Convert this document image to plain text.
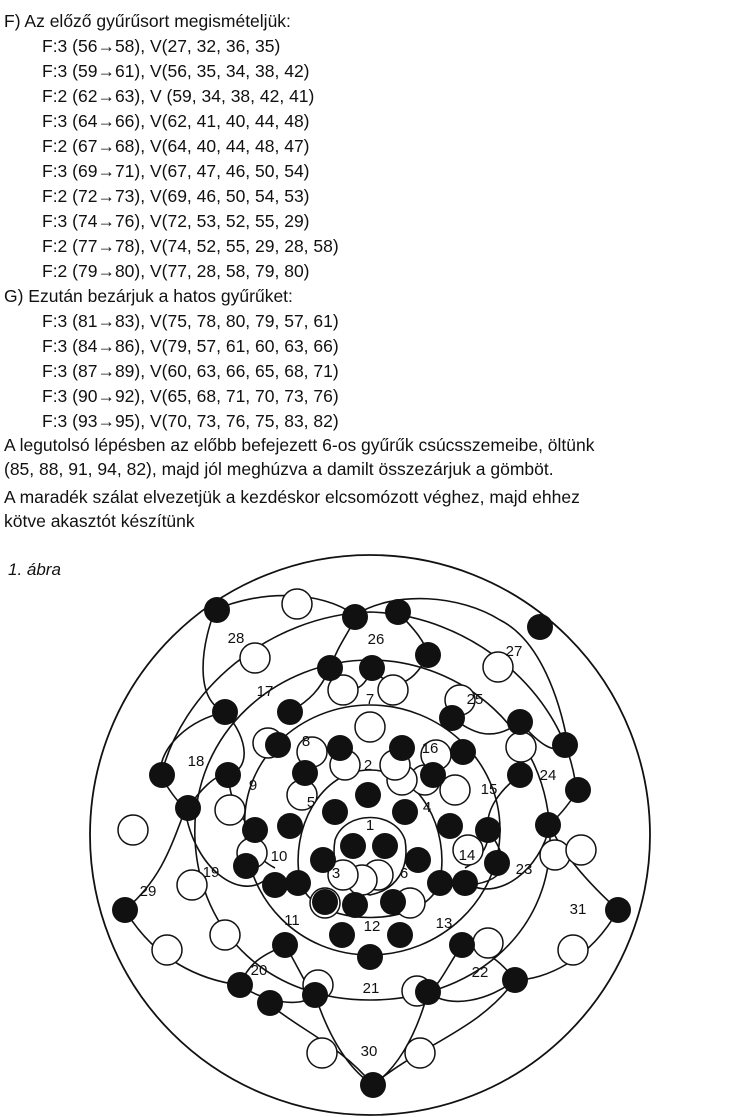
F) Az előző gyűrűsort megismételjük:
F:3 (56→58), V(27, 32, 36, 35)
F:3 (59→61), V(56, 35, 34, 38, 42)
F:2 (62→63), V (59, 34, 38, 42, 41)
F:3 (64→66), V(62, 41, 40, 44, 48)
F:2 (67→68), V(64, 40, 44, 48, 47)
F:3 (69→71), V(67, 47, 46, 50, 54)
F:2 (72→73), V(69, 46, 50, 54, 53)
F:3 (74→76), V(72, 53, 52, 55, 29)
F:2 (77→78), V(74, 52, 55, 29, 28, 58)
F:2 (79→80), V(77, 28, 58, 79, 80)
G) Ezután bezárjuk a hatos gyűrűket:
F:3 (81→83), V(75, 78, 80, 79, 57, 61)
F:3 (84→86), V(79, 57, 61, 60, 63, 66)
F:3 (87→89), V(60, 63, 66, 65, 68, 71)
F:3 (90→92), V(65, 68, 71, 70, 73, 76)
F:3 (93→95), V(70, 73, 76, 75, 83, 82)
A legutolsó lépésben az előbb befejezett 6-os gyűrűk csúcsszemeibe, öltünk
(85, 88, 91, 94, 82), majd jól meghúzva a damilt összezárjuk a gömböt.
A maradék szálat elvezetjük a kezdéskor elcsomózott véghez, majd ehhez
kötve akasztót készítünk
1. ábra
1
2
3
4
5
6
7
8
9
10
11	12	13
14
15
16
17
18
19
20
21
22
23
24
25
26
27
28
29
30
31
